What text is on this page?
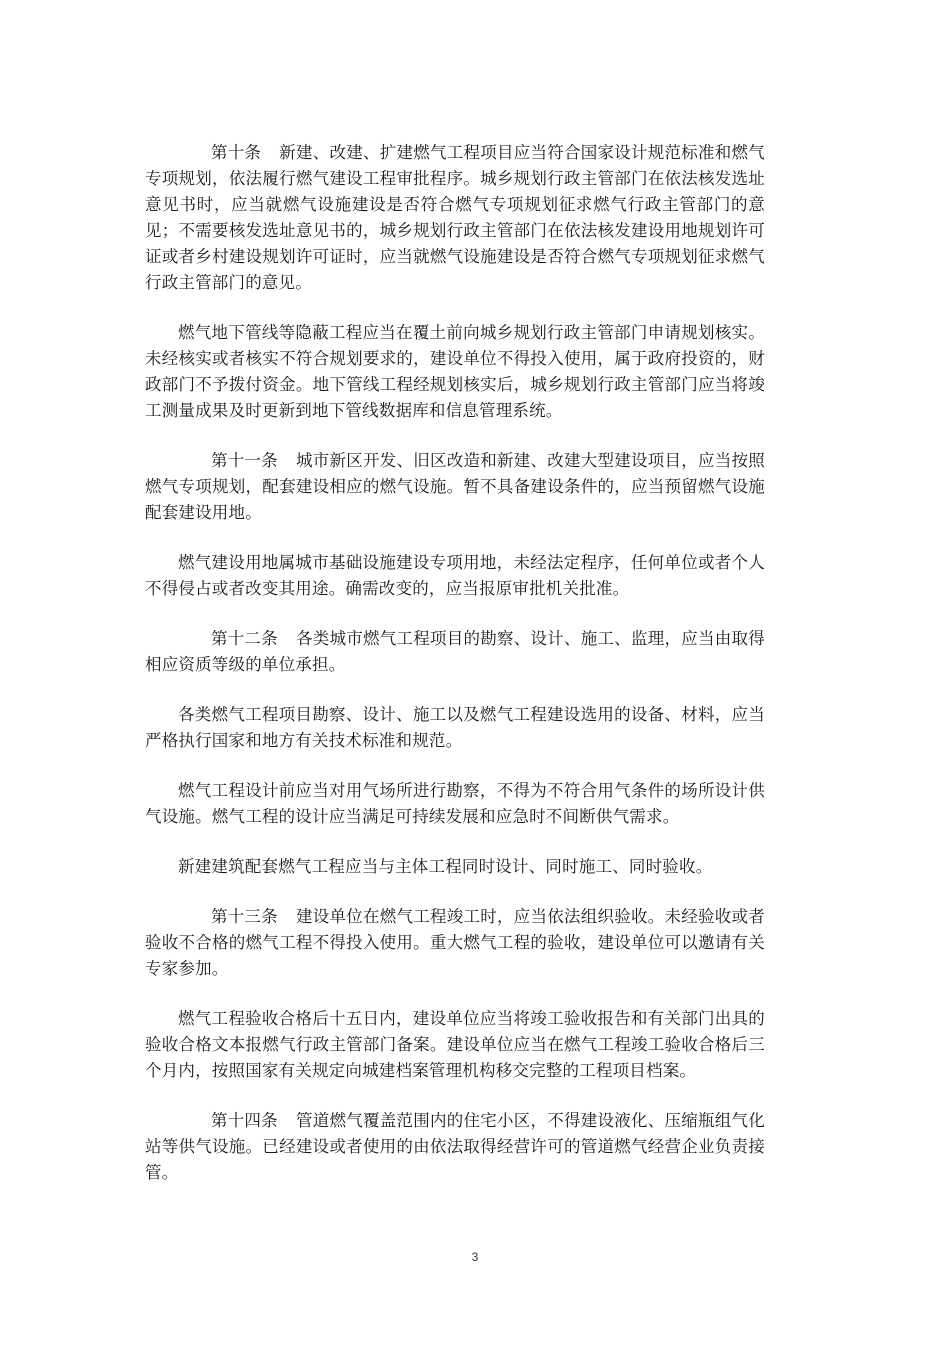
第十条 新建、改建、扩建燃气工程项目应当符合国家设计规范标准和燃气专项规划，依法履行燃气建设工程审批程序。城乡规划行政主管部门在依法核发选址意见书时，应当就燃气设施建设是否符合燃气专项规划征求燃气行政主管部门的意见；不需要核发选址意见书的，城乡规划行政主管部门在依法核发建设用地规划许可证或者乡村建设规划许可证时，应当就燃气设施建设是否符合燃气专项规划征求燃气行政主管部门的意见。

燃气地下管线等隐蔽工程应当在覆土前向城乡规划行政主管部门申请规划核实。未经核实或者核实不符合规划要求的，建设单位不得投入使用，属于政府投资的，财政部门不予拨付资金。地下管线工程经规划核实后，城乡规划行政主管部门应当将竣工测量成果及时更新到地下管线数据库和信息管理系统。

第十一条 城市新区开发、旧区改造和新建、改建大型建设项目，应当按照燃气专项规划，配套建设相应的燃气设施。暂不具备建设条件的，应当预留燃气设施配套建设用地。

燃气建设用地属城市基础设施建设专项用地，未经法定程序，任何单位或者个人不得侵占或者改变其用途。确需改变的，应当报原审批机关批准。

第十二条 各类城市燃气工程项目的勘察、设计、施工、监理，应当由取得相应资质等级的单位承担。

各类燃气工程项目勘察、设计、施工以及燃气工程建设选用的设备、材料，应当严格执行国家和地方有关技术标准和规范。

燃气工程设计前应当对用气场所进行勘察，不得为不符合用气条件的场所设计供气设施。燃气工程的设计应当满足可持续发展和应急时不间断供气需求。

新建建筑配套燃气工程应当与主体工程同时设计、同时施工、同时验收。

第十三条 建设单位在燃气工程竣工时，应当依法组织验收。未经验收或者验收不合格的燃气工程不得投入使用。重大燃气工程的验收，建设单位可以邀请有关专家参加。

燃气工程验收合格后十五日内，建设单位应当将竣工验收报告和有关部门出具的验收合格文本报燃气行政主管部门备案。建设单位应当在燃气工程竣工验收合格后三个月内，按照国家有关规定向城建档案管理机构移交完整的工程项目档案。

第十四条 管道燃气覆盖范围内的住宅小区，不得建设液化、压缩瓶组气化站等供气设施。已经建设或者使用的由依法取得经营许可的管道燃气经营企业负责接管。

3
